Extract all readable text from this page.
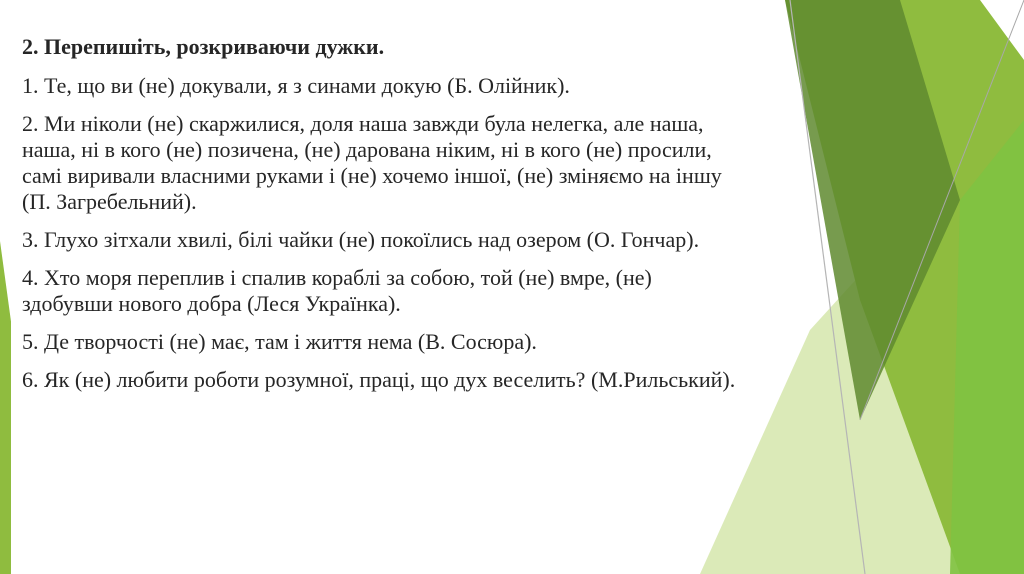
2. Перепишіть, розкриваючи дужки.
1. Те, що ви (не) докували, я з синами докую (Б. Олійник).
2. Ми ніколи (не) скаржилися, доля наша завжди була нелегка, але наша,
наша, ні в кого (не) позичена, (не) дарована ніким, ні в кого (не) просили,
самі виривали власними руками і (не) хочемо іншої, (не) зміняємо на іншу
(П. Загребельний).
3. Глухо зітхали хвилі, білі чайки (не) покоїлись над озером (О. Гончар).
4. Хто моря переплив і спалив кораблі за собою, той (не) вмре, (не)
здобувши нового добра (Леся Українка).
5. Де творчості (не) має, там і життя нема (В. Сосюра).
6. Як (не) любити роботи розумної, праці, що дух веселить? (М.Рильський).
